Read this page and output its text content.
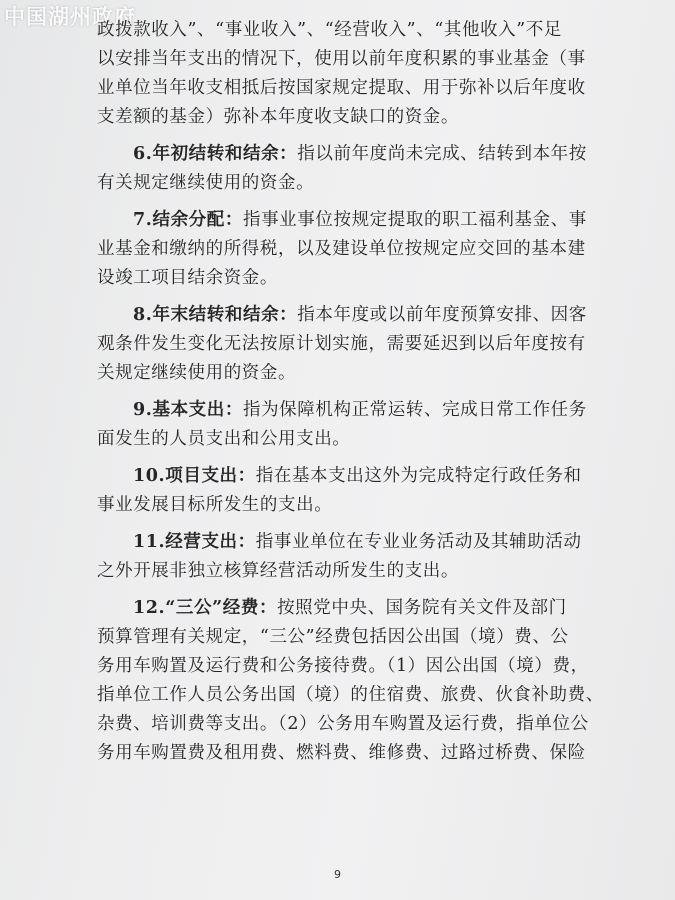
中国湖州政府
政拨款收入”、“事业收入”、“经营收入”、“其他收入”不足
以安排当年支出的情况下，使用以前年度积累的事业基金（事
业单位当年收支相抵后按国家规定提取、用于弥补以后年度收
支差额的基金）弥补本年度收支缺口的资金。
6.年初结转和结余：指以前年度尚未完成、结转到本年按
有关规定继续使用的资金。
7.结余分配：指事业事位按规定提取的职工福利基金、事
业基金和缴纳的所得税，以及建设单位按规定应交回的基本建
设竣工项目结余资金。
8.年末结转和结余：指本年度或以前年度预算安排、因客
观条件发生变化无法按原计划实施，需要延迟到以后年度按有
关规定继续使用的资金。
9.基本支出：指为保障机构正常运转、完成日常工作任务
面发生的人员支出和公用支出。
10.项目支出：指在基本支出这外为完成特定行政任务和
事业发展目标所发生的支出。
11.经营支出：指事业单位在专业业务活动及其辅助活动
之外开展非独立核算经营活动所发生的支出。
12.“三公”经费：按照党中央、国务院有关文件及部门
预算管理有关规定，“三公”经费包括因公出国（境）费、公
务用车购置及运行费和公务接待费。（1）因公出国（境）费，
指单位工作人员公务出国（境）的住宿费、旅费、伙食补助费、
杂费、培训费等支出。（2）公务用车购置及运行费，指单位公
务用车购置费及租用费、燃料费、维修费、过路过桥费、保险
9
